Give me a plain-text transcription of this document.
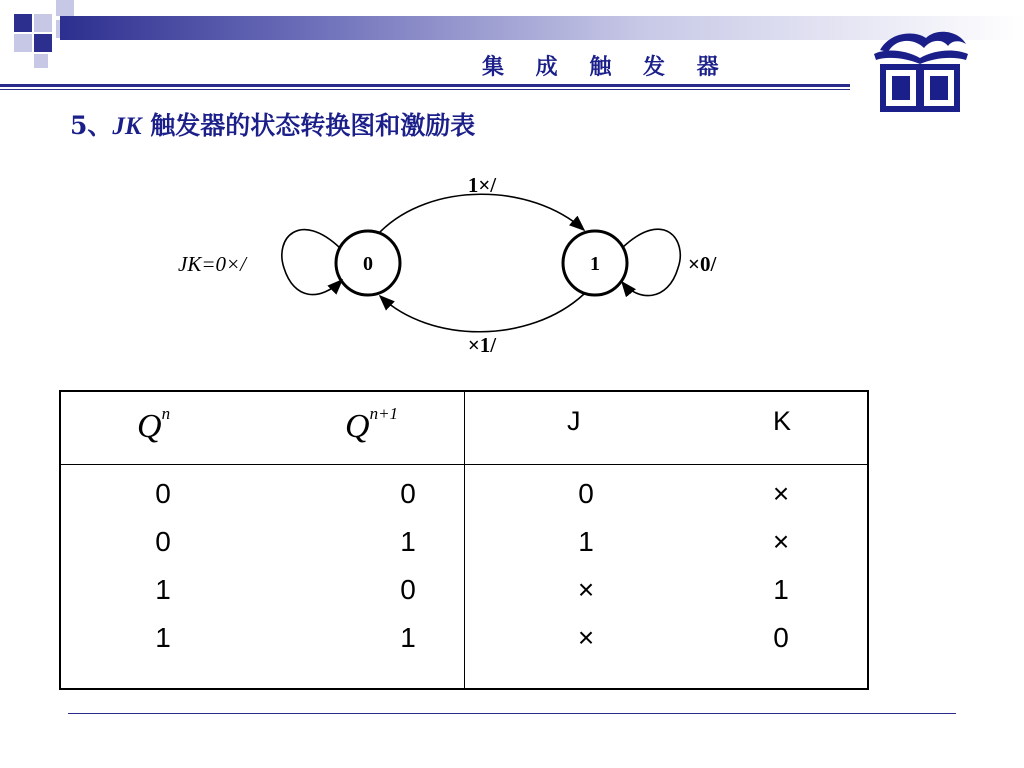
集 成 触 发 器
5、JK 触发器的状态转换图和激励表
0	1
1×/
×1/
JK=0×/	×0/
$Q^n$	$Q^{n+1}$	J	K
0	0	0	×
0	1	1	×
1	0	×	1
1	1	×	0
